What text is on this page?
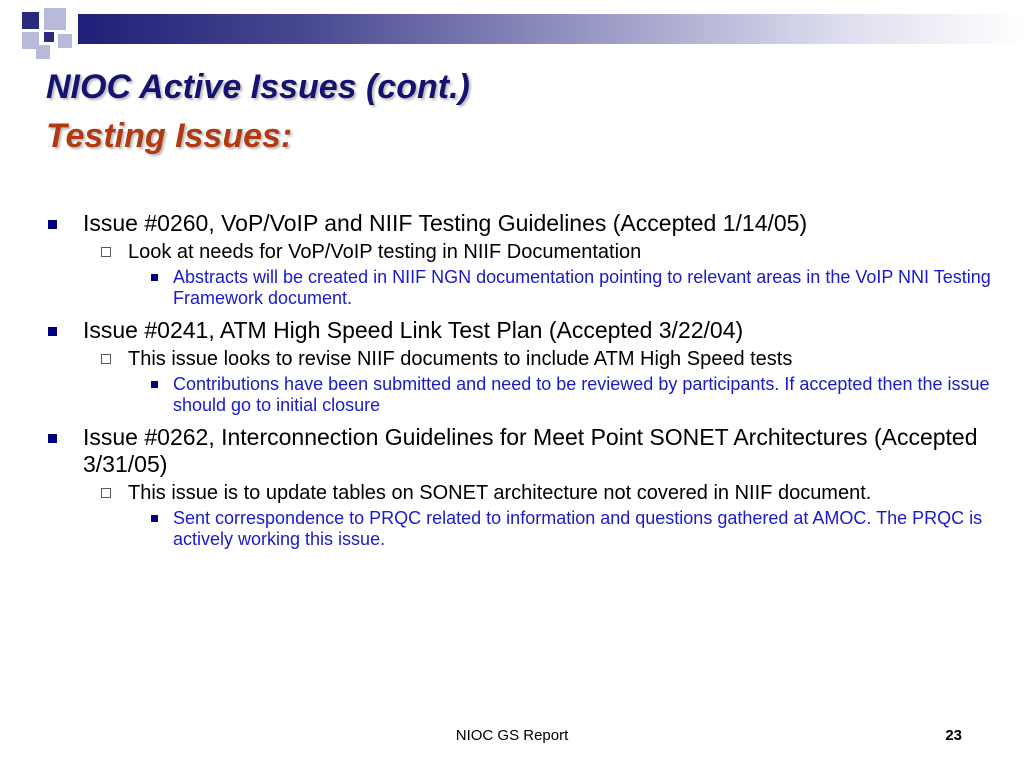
NIOC Active Issues (cont.)
Testing Issues:
Issue #0260, VoP/VoIP and NIIF Testing Guidelines (Accepted 1/14/05)
Look at needs for VoP/VoIP testing in NIIF Documentation
Abstracts will be created in NIIF NGN documentation pointing to relevant areas in the VoIP NNI Testing Framework document.
Issue #0241, ATM High Speed Link Test Plan (Accepted 3/22/04)
This issue looks to revise NIIF documents to include ATM High Speed tests
Contributions have been submitted and need to be reviewed by participants. If accepted then the issue should go to initial closure
Issue #0262, Interconnection Guidelines for Meet Point SONET Architectures (Accepted 3/31/05)
This issue is to update tables on SONET architecture not covered in NIIF document.
Sent correspondence to PRQC related to information and questions gathered at AMOC. The PRQC is actively working this issue.
NIOC GS Report	23
